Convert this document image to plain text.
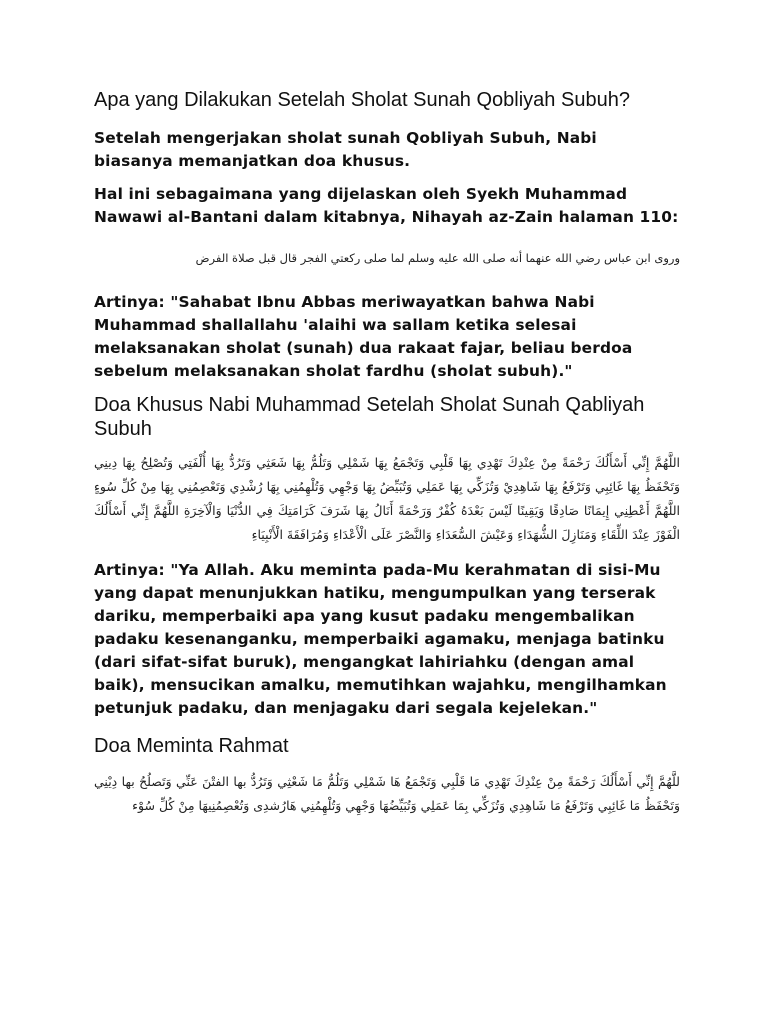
Apa yang Dilakukan Setelah Sholat Sunah Qobliyah Subuh?

Setelah mengerjakan sholat sunah Qobliyah Subuh, Nabi biasanya memanjatkan doa khusus.

Hal ini sebagaimana yang dijelaskan oleh Syekh Muhammad Nawawi al-Bantani dalam kitabnya, Nihayah az-Zain halaman 110:

وروى ابن عباس رضي الله عنهما أنه صلى الله عليه وسلم لما صلى ركعتي الفجر قال قبل صلاة الفرض

Artinya: "Sahabat Ibnu Abbas meriwayatkan bahwa Nabi Muhammad shallallahu 'alaihi wa sallam ketika selesai melaksanakan sholat (sunah) dua rakaat fajar, beliau berdoa sebelum melaksanakan sholat fardhu (sholat subuh)."

Doa Khusus Nabi Muhammad Setelah Sholat Sunah Qabliyah Subuh

اللَّهُمَّ إِنِّي أَسْأَلُكَ رَحْمَةً مِنْ عِنْدِكَ تَهْدِي بِهَا قَلْبِي وَتَجْمَعُ بِهَا شَمْلِي وَتَلُمُّ بِهَا شَعَثِي وَتَرُدُّ بِهَا أُلْفَتِي وَتُصْلِحُ بِهَا دِينِي وَتَحْفَظُ بِهَا غَائِبِي وَتَرْفَعُ بِهَا شَاهِدِيْ وَتُزَكِّي بِهَا عَمَلِي وَتُبَيِّضُ بِهَا وَجْهِي وَتُلْهِمُنِي بِهَا رُشْدِي وَتَعْصِمُنِي بِهَا مِنْ كُلِّ سُوءٍ اللَّهُمَّ أَعْطِنِي إِيمَانًا صَادِقًا وَيَقِينًا لَيْسَ بَعْدَهُ كُفْرٌ وَرَحْمَةً أَنَالُ بِهَا شَرَفَ كَرَامَتِكَ فِي الدُّنْيَا وَالْآخِرَةِ اللَّهُمَّ إِنِّي أَسْأَلُكَ الْفَوْزَ عِنْدَ اللِّقَاءِ وَمَنَازِلَ الشُّهَدَاءِ وَعَيْشَ السُّعَدَاءِ وَالنَّصْرَ عَلَى الْأَعْدَاءِ وَمُرَافَقَةَ الْأَنْبِيَاءِ

Artinya: "Ya Allah. Aku meminta pada-Mu kerahmatan di sisi-Mu yang dapat menunjukkan hatiku, mengumpulkan yang terserak dariku, memperbaiki apa yang kusut padaku mengembalikan padaku kesenanganku, memperbaiki agamaku, menjaga batinku (dari sifat-sifat buruk), mengangkat lahiriahku (dengan amal baik), mensucikan amalku, memutihkan wajahku, mengilhamkan petunjuk padaku, dan menjagaku dari segala kejelekan."

Doa Meminta Rahmat

للَّهُمَّ إِنِّي أَسْأَلُكَ رَحْمَةً مِنْ عِنْدِكَ تَهْدِي مَا قَلْبِي وَتَجْمَعُ هَا شَمْلِي وَتَلُمُّ مَا شَعْثِي وَتَرُدُّ بها الفتْنَ عَنِّي وَتَصلُحُ بها دِيْنِي وَتَحْفَظُ مَا غَائِبِي وَتَرْفَعُ مَا شَاهِدِي وَتُزَكِّي بِمَا عَمَلِي وَتُبَيِّضُهَا وَجْهِي وَتُلْهِمُنِي هَارُشدِى وَتُعْصِمُنِيهَا مِنْ كُلِّ سُوْء
